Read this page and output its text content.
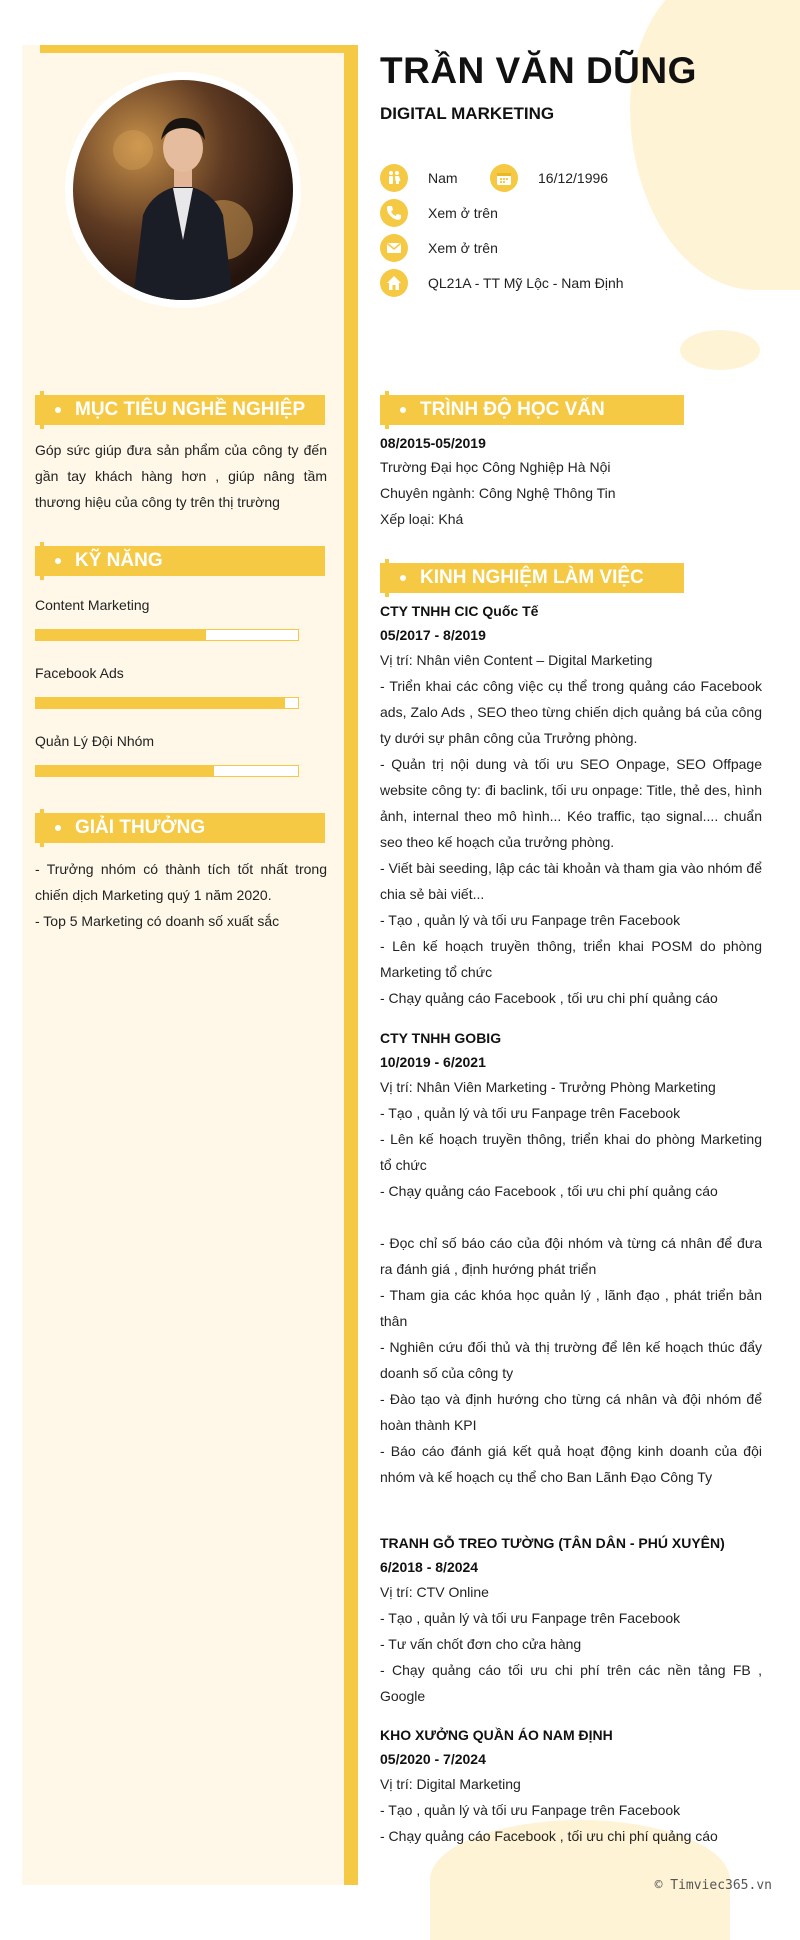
TRẦN VĂN DŨNG
DIGITAL MARKETING
Nam	16/12/1996
Xem ở trên
Xem ở trên
QL21A - TT Mỹ Lộc - Nam Định
MỤC TIÊU NGHỀ NGHIỆP
Góp sức giúp đưa sản phẩm của công ty đến gần tay khách hàng hơn , giúp nâng tầm thương hiệu của công ty trên thị trường
KỸ NĂNG
Content Marketing
Facebook Ads
Quản Lý Đội Nhóm
GIẢI THƯỞNG
- Trưởng nhóm có thành tích tốt nhất trong chiến dịch Marketing quý 1 năm 2020.
- Top 5 Marketing có doanh số xuất sắc
TRÌNH ĐỘ HỌC VẤN
08/2015-05/2019
Trường Đại học Công Nghiệp Hà Nội
Chuyên ngành: Công Nghệ Thông Tin
Xếp loại: Khá
KINH NGHIỆM LÀM VIỆC
CTY TNHH CIC Quốc Tế
05/2017 - 8/2019
Vị trí: Nhân viên Content – Digital Marketing
- Triển khai các công việc cụ thể trong quảng cáo Facebook ads, Zalo Ads , SEO theo từng chiến dịch quảng bá của công ty dưới sự phân công của Trưởng phòng.
- Quản trị nội dung và tối ưu SEO Onpage, SEO Offpage website công ty: đi baclink, tối ưu onpage: Title, thẻ des, hình ảnh, internal theo mô hình... Kéo traffic, tạo signal.... chuẩn seo theo kế hoạch của trưởng phòng.
- Viết bài seeding, lập các tài khoản và tham gia vào nhóm để chia sẻ bài viết...
- Tạo , quản lý và tối ưu Fanpage trên Facebook
- Lên kế hoạch truyền thông, triển khai POSM do phòng Marketing tổ chức
- Chạy quảng cáo Facebook , tối ưu chi phí quảng cáo
CTY TNHH GOBIG
10/2019 - 6/2021
Vị trí: Nhân Viên Marketing - Trưởng Phòng Marketing
- Tạo , quản lý và tối ưu Fanpage trên Facebook
- Lên kế hoạch truyền thông, triển khai do phòng Marketing tổ chức
- Chạy quảng cáo Facebook , tối ưu chi phí quảng cáo
- Đọc chỉ số báo cáo của đội nhóm và từng cá nhân để đưa ra đánh giá , định hướng phát triển
- Tham gia các khóa học quản lý , lãnh đạo , phát triển bản thân
- Nghiên cứu đối thủ và thị trường để lên kế hoạch thúc đẩy doanh số của công ty
- Đào tạo và định hướng cho từng cá nhân và đội nhóm để hoàn thành KPI
- Báo cáo đánh giá kết quả hoạt động kinh doanh của đội nhóm và kế hoạch cụ thể cho Ban Lãnh Đạo Công Ty
TRANH GỖ TREO TƯỜNG (TÂN DÂN - PHÚ XUYÊN)
6/2018 - 8/2024
Vị trí: CTV Online
- Tạo , quản lý và tối ưu Fanpage trên Facebook
- Tư vấn chốt đơn cho cửa hàng
- Chạy quảng cáo tối ưu chi phí trên các nền tảng FB , Google
KHO XƯỞNG QUẦN ÁO NAM ĐỊNH
05/2020 - 7/2024
Vị trí: Digital Marketing
- Tạo , quản lý và tối ưu Fanpage trên Facebook
- Chạy quảng cáo Facebook , tối ưu chi phí quảng cáo
© Timviec365.vn
